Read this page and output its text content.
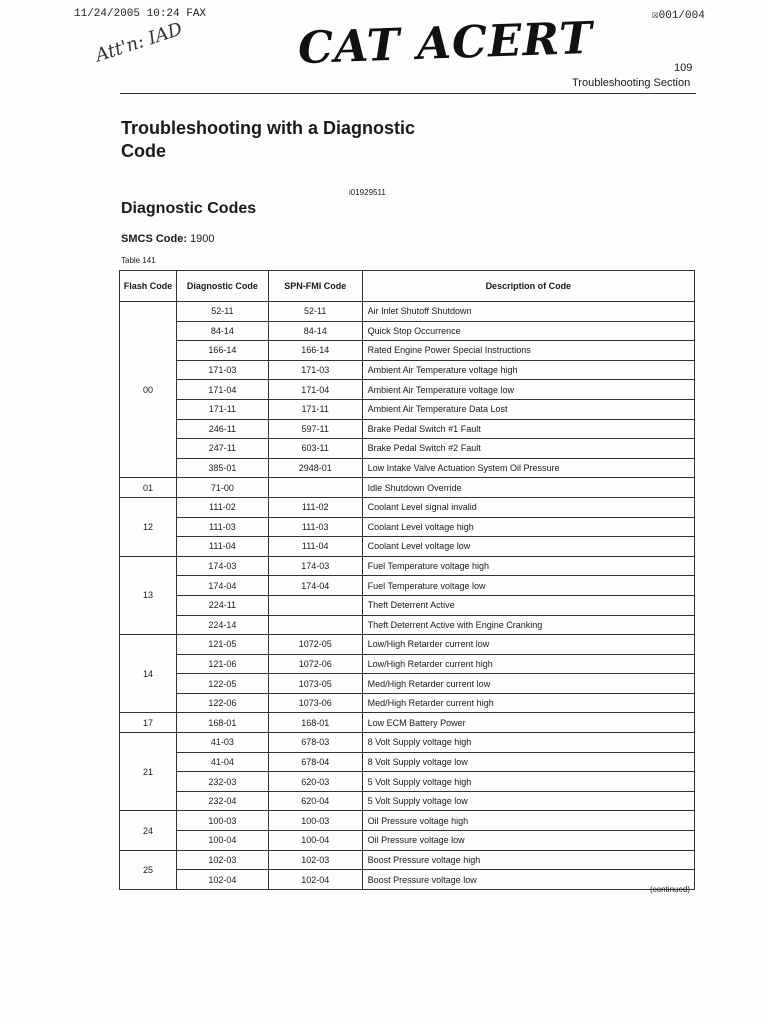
11/24/2005 10:24 FAX	☒001/004
Att'n: IAD	CAT ACERT	109
Troubleshooting Section
Troubleshooting with a Diagnostic Code
i01929511
Diagnostic Codes
SMCS Code: 1900
Table 141
Flash Code	Diagnostic Code	SPN-FMI Code	Description of Code
00	52-11	52-11	Air Inlet Shutoff Shutdown
	84-14	84-14	Quick Stop Occurrence
	166-14	166-14	Rated Engine Power Special Instructions
	171-03	171-03	Ambient Air Temperature voltage high
	171-04	171-04	Ambient Air Temperature voltage low
	171-11	171-11	Ambient Air Temperature Data Lost
	246-11	597-11	Brake Pedal Switch #1 Fault
	247-11	603-11	Brake Pedal Switch #2 Fault
	385-01	2948-01	Low Intake Valve Actuation System Oil Pressure
01	71-00		Idle Shutdown Override
12	111-02	111-02	Coolant Level signal invalid
	111-03	111-03	Coolant Level voltage high
	111-04	111-04	Coolant Level voltage low
13	174-03	174-03	Fuel Temperature voltage high
	174-04	174-04	Fuel Temperature voltage low
	224-11		Theft Deterrent Active
	224-14		Theft Deterrent Active with Engine Cranking
14	121-05	1072-05	Low/High Retarder current low
	121-06	1072-06	Low/High Retarder current high
	122-05	1073-05	Med/High Retarder current low
	122-06	1073-06	Med/High Retarder current high
17	168-01	168-01	Low ECM Battery Power
21	41-03	678-03	8 Volt Supply voltage high
	41-04	678-04	8 Volt Supply voltage low
	232-03	620-03	5 Volt Supply voltage high
	232-04	620-04	5 Volt Supply voltage low
24	100-03	100-03	Oil Pressure voltage high
	100-04	100-04	Oil Pressure voltage low
25	102-03	102-03	Boost Pressure voltage high
	102-04	102-04	Boost Pressure voltage low
(continued)
